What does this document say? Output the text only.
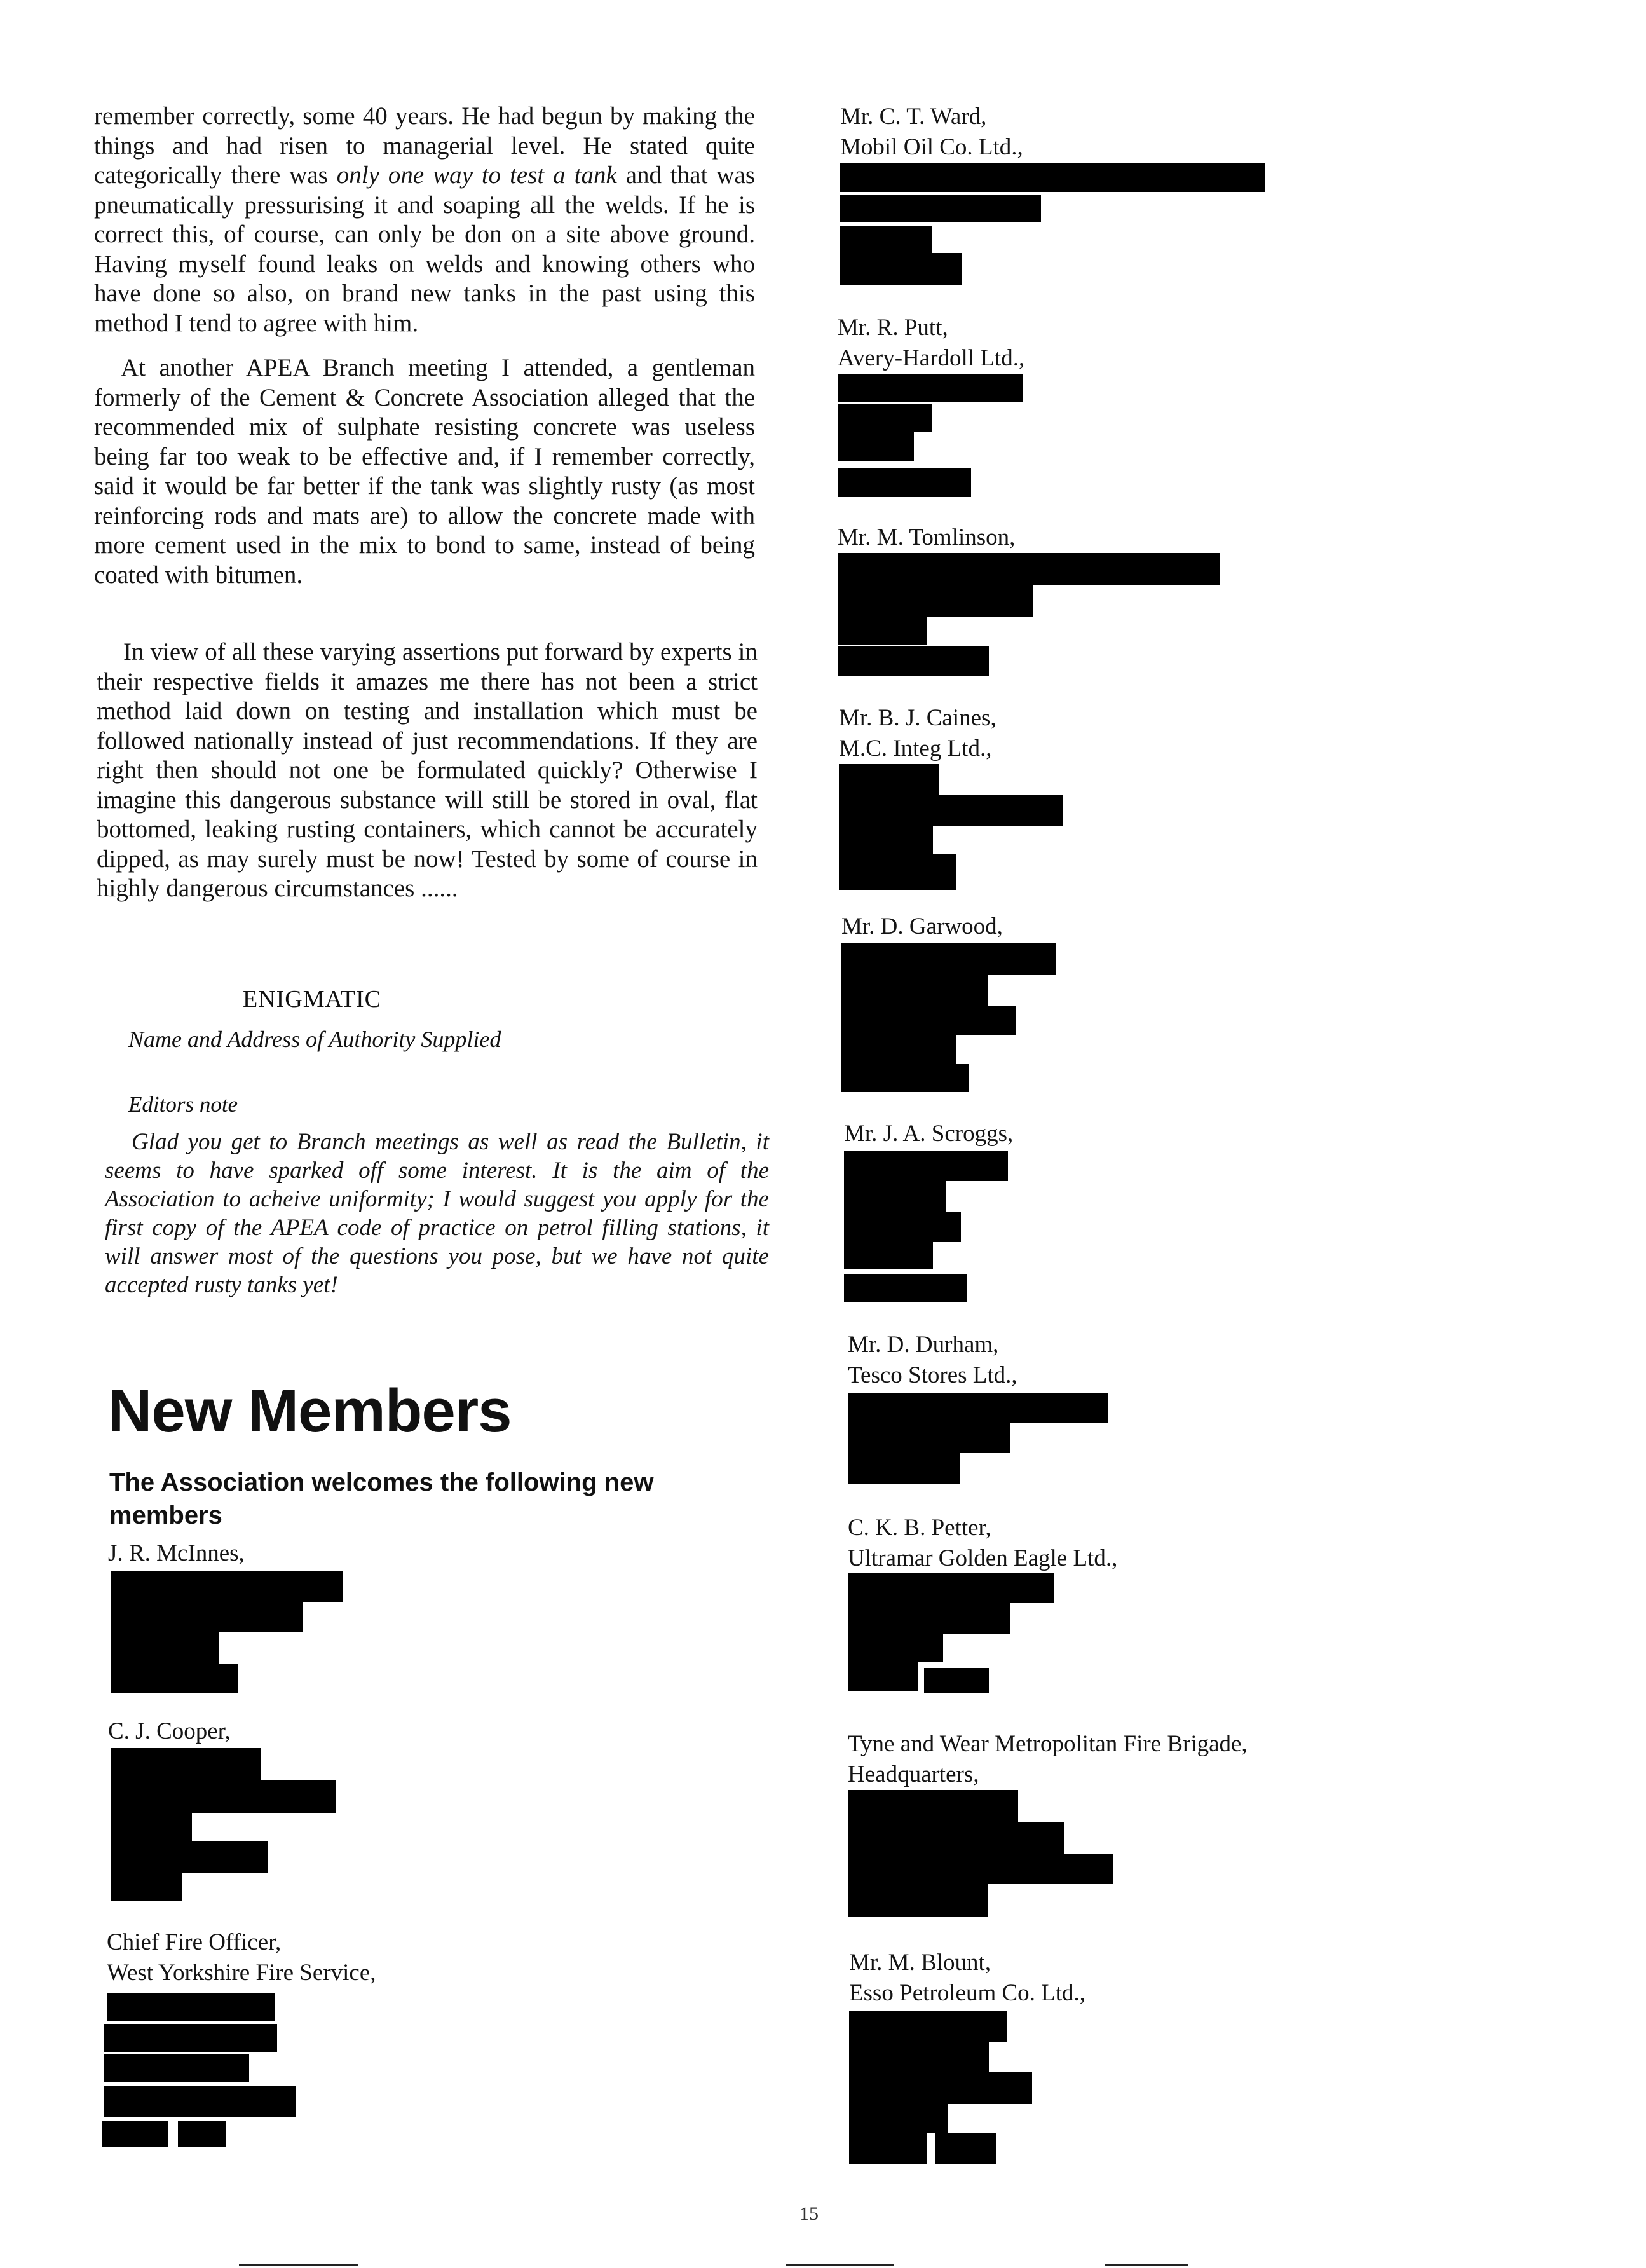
remember correctly, some 40 years. He had begun by making the things and had risen to managerial level. He stated quite categorically there was only one way to test a tank and that was pneumatically pressurising it and soaping all the welds. If he is correct this, of course, can only be don on a site above ground. Having myself found leaks on welds and knowing others who have done so also, on brand new tanks in the past using this method I tend to agree with him.

At another APEA Branch meeting I attended, a gentleman formerly of the Cement & Concrete Association alleged that the recommended mix of sulphate resisting concrete was useless being far too weak to be effective and, if I remember correctly, said it would be far better if the tank was slightly rusty (as most reinforcing rods and mats are) to allow the concrete made with more cement used in the mix to bond to same, instead of being coated with bitumen.

In view of all these varying assertions put forward by experts in their respective fields it amazes me there has not been a strict method laid down on testing and installation which must be followed nationally instead of just recommendations. If they are right then should not one be formulated quickly? Otherwise I imagine this dangerous substance will still be stored in oval, flat bottomed, leaking rusting containers, which cannot be accurately dipped, as may surely must be now! Tested by some of course in highly dangerous circumstances ......

ENIGMATIC
Name and Address of Authority Supplied
Editors note

Glad you get to Branch meetings as well as read the Bulletin, it seems to have sparked off some interest. It is the aim of the Association to acheive uniformity; I would suggest you apply for the first copy of the APEA code of practice on petrol filling stations, it will answer most of the questions you pose, but we have not quite accepted rusty tanks yet!

New Members
The Association welcomes the following new members
J. R. McInnes,
C. J. Cooper,
Chief Fire Officer,
West Yorkshire Fire Service,
Mr. C. T. Ward,
Mobil Oil Co. Ltd.,
Mr. R. Putt,
Avery-Hardoll Ltd.,
Mr. M. Tomlinson,
Mr. B. J. Caines,
M.C. Integ Ltd.,
Mr. D. Garwood,
Mr. J. A. Scroggs,
Mr. D. Durham,
Tesco Stores Ltd.,
C. K. B. Petter,
Ultramar Golden Eagle Ltd.,
Tyne and Wear Metropolitan Fire Brigade,
Headquarters,
Mr. M. Blount,
Esso Petroleum Co. Ltd.,
15
